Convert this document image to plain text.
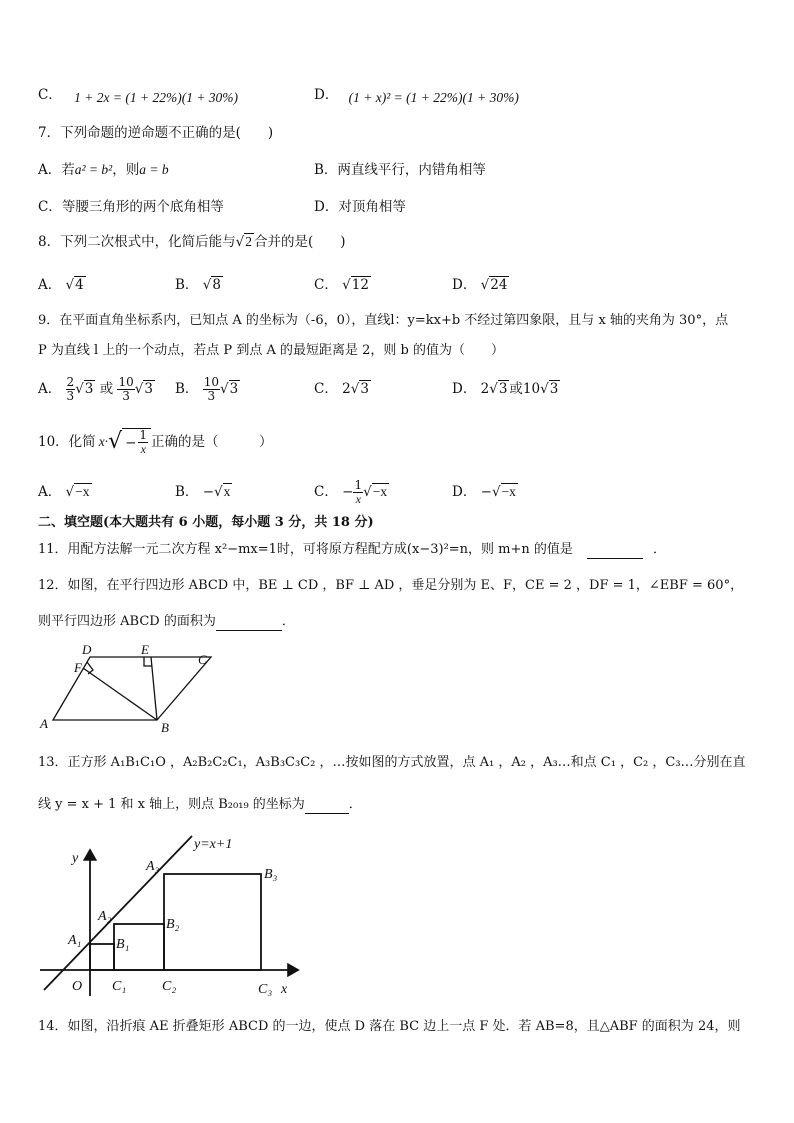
C． 1 + 2x = (1 + 22%)(1 + 30%)	D． (1 + x)² = (1 + 22%)(1 + 30%)
7．下列命题的逆命题不正确的是(　　)
A．若a² = b²，则a = b	B．两直线平行，内错角相等
C．等腰三角形的两个底角相等	D．对顶角相等
8．下列二次根式中，化简后能与√2 合并的是(　　)
A． √4	B． √8	C． √12	D． √24
9．在平面直角坐标系内，已知点 A 的坐标为（-6，0），直线l：y=kx+b 不经过第四象限，且与 x 轴的夹角为 30°，点
P 为直线 l 上的一个动点，若点 P 到点 A 的最短距离是 2，则 b 的值为（　　）
A．
$\frac{2}{3} √3$
或
$\frac{10}{3} √3$ B．
$\frac{10}{3} √3$	C． 2√3	D． 2√3 或10√3
10．化简 x· √ − $\frac{1}{x}$ 正确的是（　　　）
A． √−x	B． −√x	C． − $\frac{1}{x} √-x$	D． −√−x
二、填空题(本大题共有 6 小题，每小题 3 分，共 18 分)
11．用配方法解一元二次方程 x²−mx=1时，可将原方程配方成(x−3)²=n，则 m+n 的值是	．
12．如图，在平行四边形 ABCD 中，BE ⊥ CD ，BF ⊥ AD ，垂足分别为 E、F，CE = 2 ，DF = 1，∠EBF = 60°，
则平行四边形 ABCD 的面积为	．
D	E
C
F
A	B
13．正方形 A₁B₁C₁O ，A₂B₂C₂C₁，A₃B₃C₃C₂ ，…按如图的方式放置，点 A₁ ，A₂ ，A₃…和点 C₁ ，C₂ ，C₃…分别在直
线 y = x + 1 和 x 轴上，则点 B₂₀₁₉ 的坐标为	．
y=x+1
y
x
O
A₁
A₂
A₃
B₁
B₂
B₃
C₁	C₂	C₃
14．如图，沿折痕 AE 折叠矩形 ABCD 的一边，使点 D 落在 BC 边上一点 F 处．若 AB=8，且△ABF 的面积为 24，则
